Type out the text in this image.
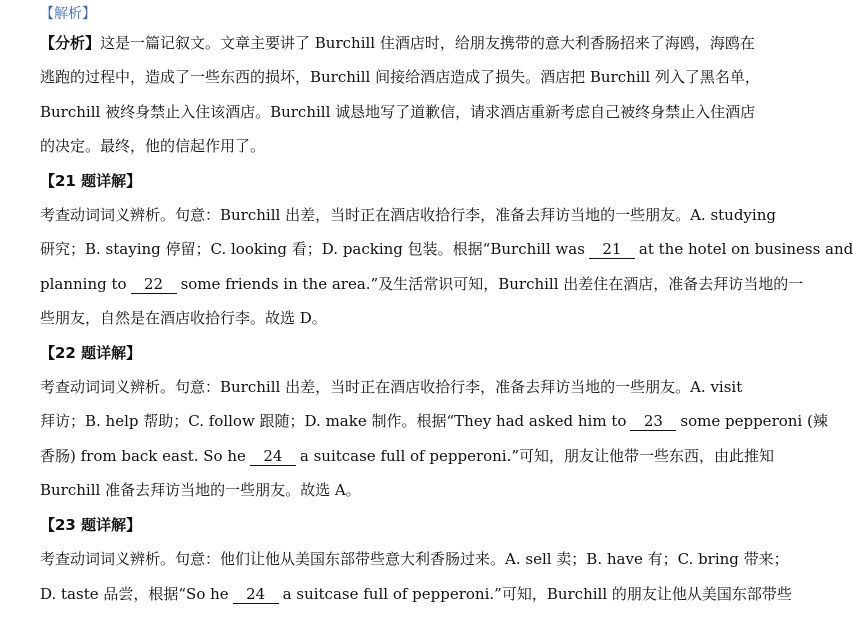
【解析】

【分析】这是一篇记叙文。文章主要讲了 Burchill 住酒店时，给朋友携带的意大利香肠招来了海鸥，海鸥在

逃跑的过程中，造成了一些东西的损坏，Burchill 间接给酒店造成了损失。酒店把 Burchill 列入了黑名单，

Burchill 被终身禁止入住该酒店。Burchill 诚恳地写了道歉信，请求酒店重新考虑自己被终身禁止入住酒店

的决定。最终，他的信起作用了。

【21 题详解】

考查动词词义辨析。句意：Burchill 出差，当时正在酒店收拾行李，准备去拜访当地的一些朋友。A. studying

研究；B. staying 停留；C. looking 看；D. packing 包装。根据“Burchill was 21 at the hotel on business and

planning to 22 some friends in the area.”及生活常识可知，Burchill 出差住在酒店，准备去拜访当地的一

些朋友，自然是在酒店收拾行李。故选 D。

【22 题详解】

考查动词词义辨析。句意：Burchill 出差，当时正在酒店收拾行李，准备去拜访当地的一些朋友。A. visit

拜访；B. help 帮助；C. follow 跟随；D. make 制作。根据“They had asked him to 23 some pepperoni (辣

香肠) from back east. So he 24 a suitcase full of pepperoni.”可知，朋友让他带一些东西，由此推知

Burchill 准备去拜访当地的一些朋友。故选 A。

【23 题详解】

考查动词词义辨析。句意：他们让他从美国东部带些意大利香肠过来。A. sell 卖；B. have 有；C. bring 带来；

D. taste 品尝，根据“So he 24 a suitcase full of pepperoni.”可知，Burchill 的朋友让他从美国东部带些
